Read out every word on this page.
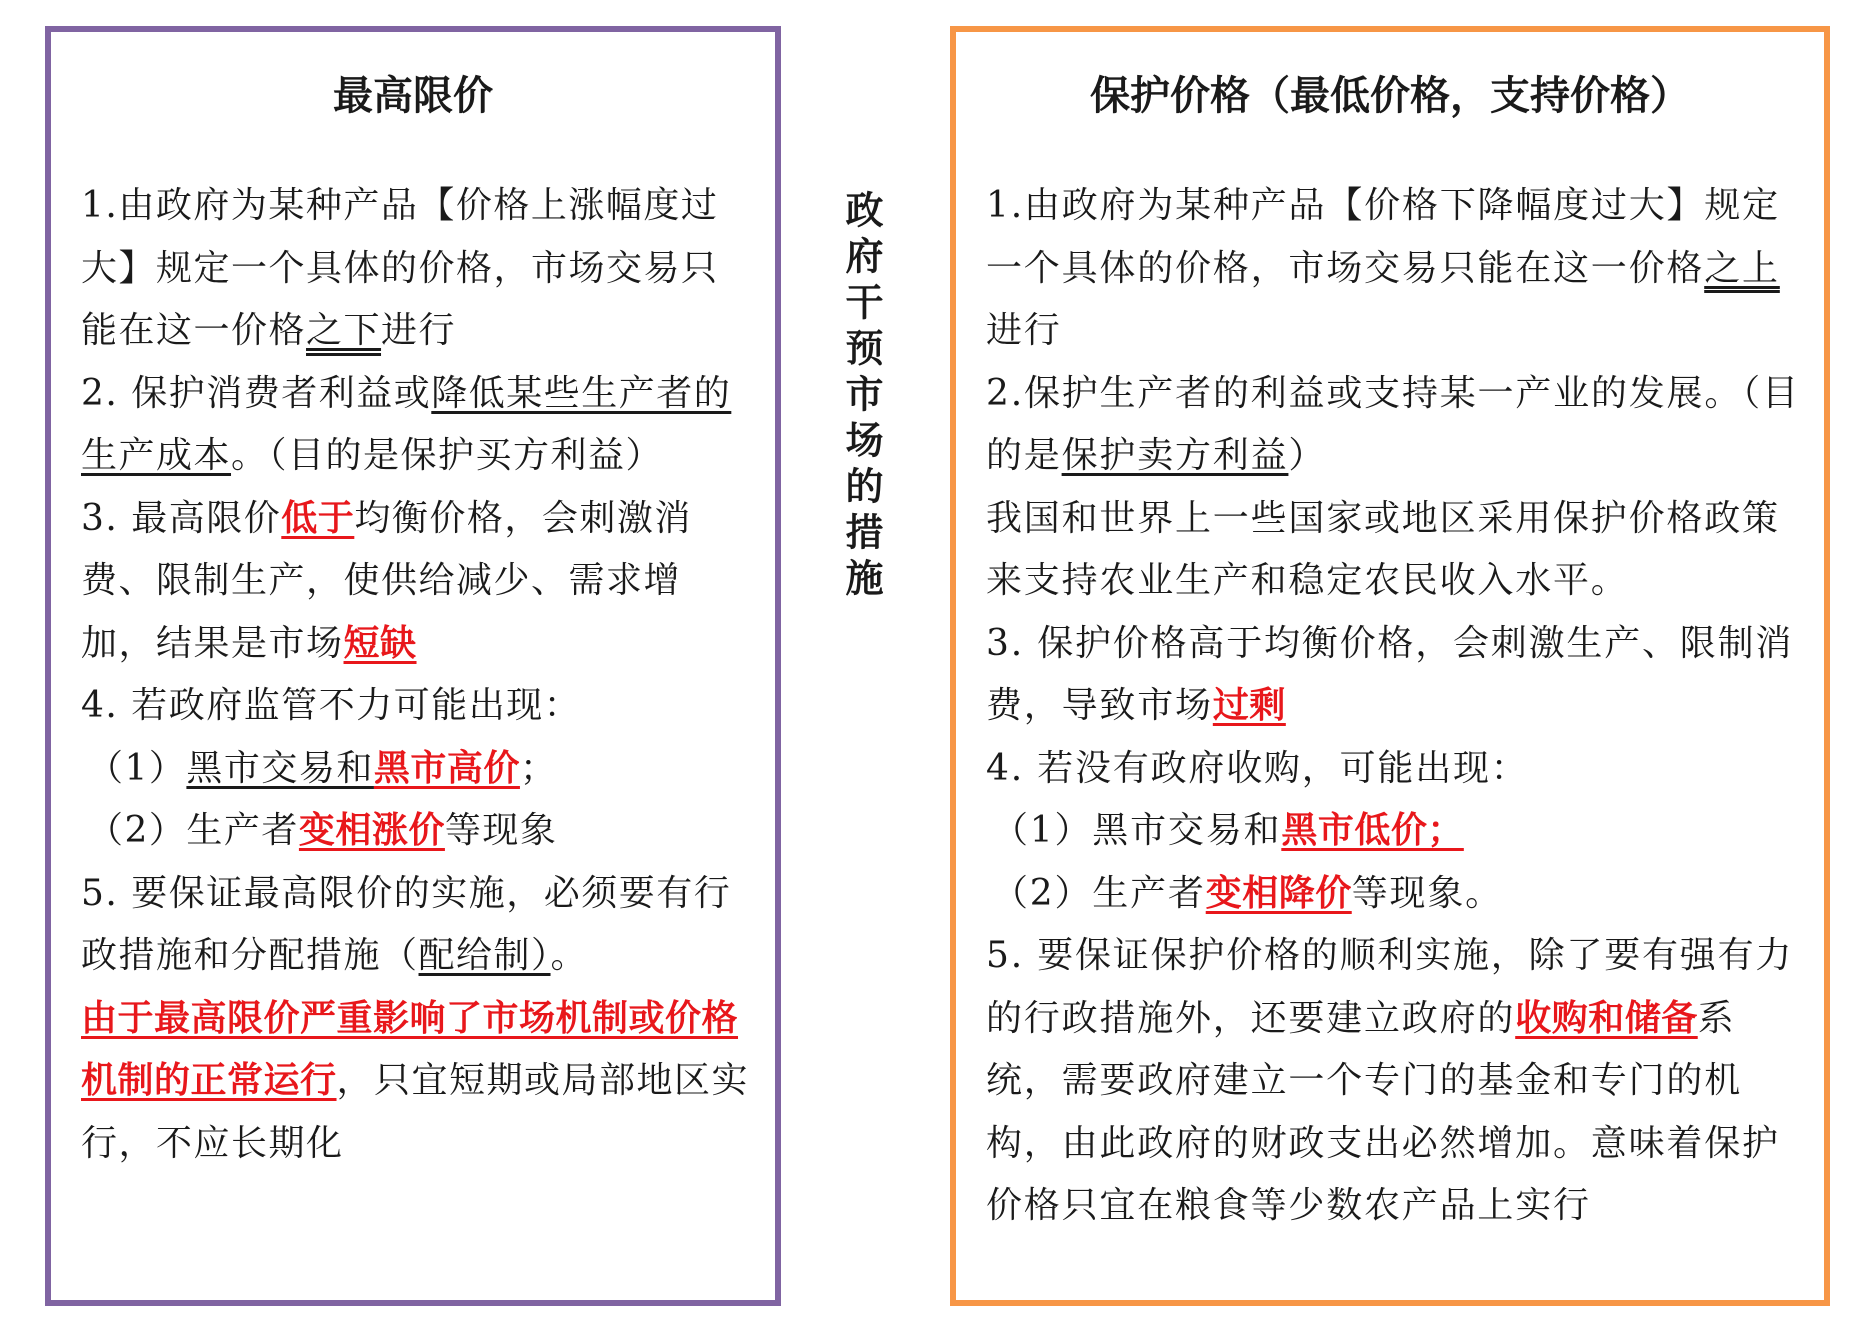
最高限价

1.由政府为某种产品【价格上涨幅度过大】规定一个具体的价格，市场交易只能在这一价格之下进行

2. 保护消费者利益或降低某些生产者的生产成本。（目的是保护买方利益）

3. 最高限价低于均衡价格，会刺激消费、限制生产，使供给减少、需求增加，结果是市场短缺

4. 若政府监管不力可能出现：

（1）黑市交易和黑市高价；

（2）生产者变相涨价等现象

5. 要保证最高限价的实施，必须要有行政措施和分配措施（配给制）。

由于最高限价严重影响了市场机制或价格机制的正常运行，只宜短期或局部地区实行，不应长期化

政府干预市场的措施
保护价格（最低价格，支持价格）

1.由政府为某种产品【价格下降幅度过大】规定一个具体的价格，市场交易只能在这一价格之上进行

2.保护生产者的利益或支持某一产业的发展。（目的是保护卖方利益）

我国和世界上一些国家或地区采用保护价格政策来支持农业生产和稳定农民收入水平。

3. 保护价格高于均衡价格，会刺激生产、限制消费，导致市场过剩

4. 若没有政府收购，可能出现：

（1）黑市交易和黑市低价；

（2）生产者变相降价等现象。

5. 要保证保护价格的顺利实施，除了要有强有力的行政措施外，还要建立政府的收购和储备系统，需要政府建立一个专门的基金和专门的机构，由此政府的财政支出必然增加。意味着保护价格只宜在粮食等少数农产品上实行
